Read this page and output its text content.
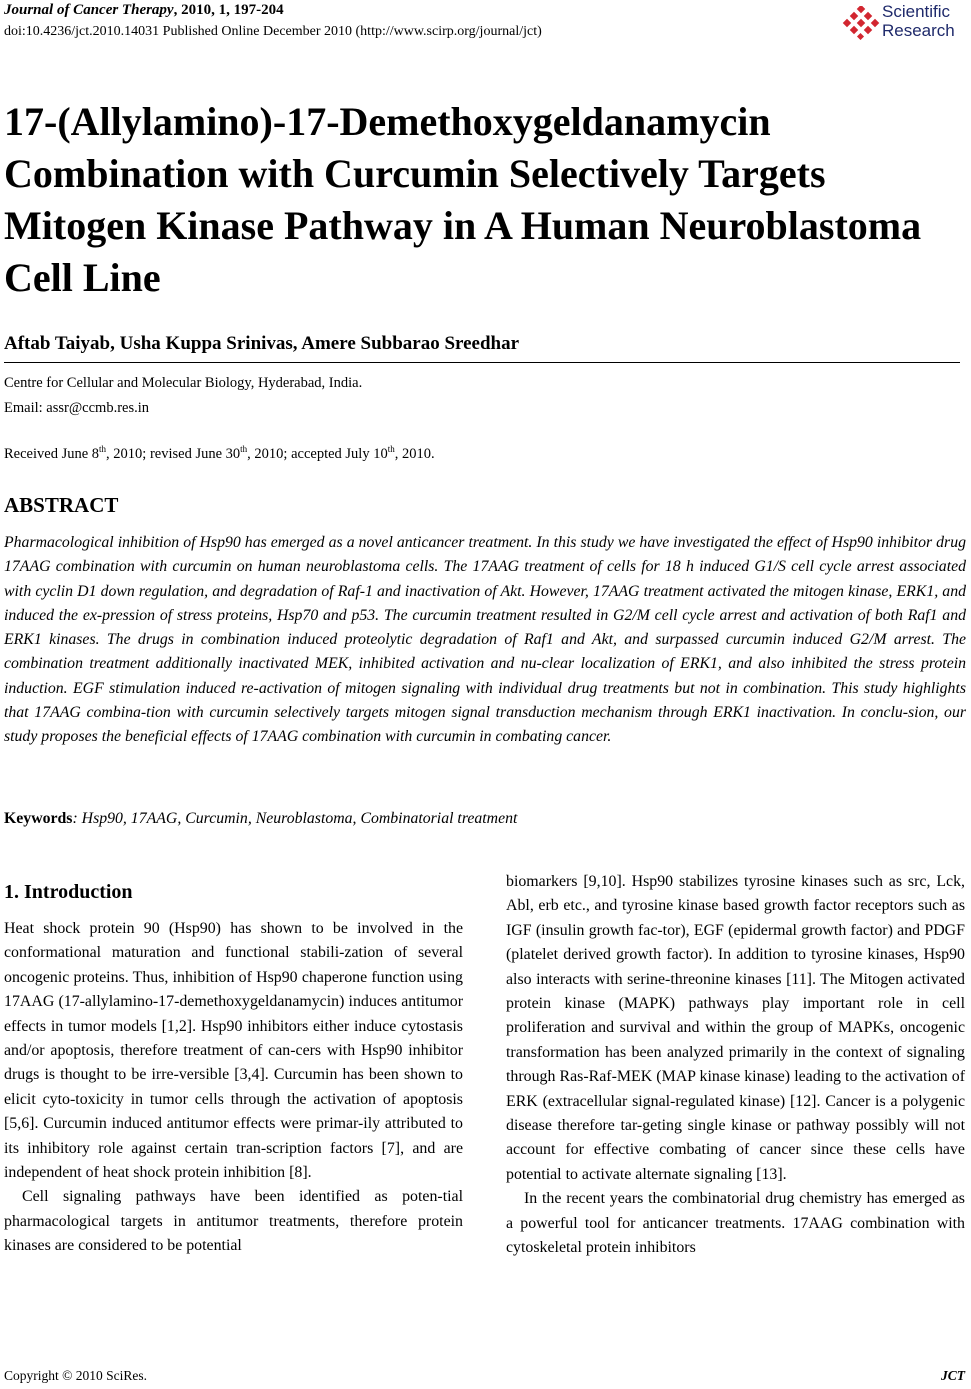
Journal of Cancer Therapy, 2010, 1, 197-204
doi:10.4236/jct.2010.14031 Published Online December 2010 (http://www.scirp.org/journal/jct)
Scientific
Research
17-(Allylamino)-17-Demethoxygeldanamycin Combination with Curcumin Selectively Targets Mitogen Kinase Pathway in A Human Neuroblastoma Cell Line
Aftab Taiyab, Usha Kuppa Srinivas, Amere Subbarao Sreedhar
Centre for Cellular and Molecular Biology, Hyderabad, India.
Email: assr@ccmb.res.in
Received June 8th, 2010; revised June 30th, 2010; accepted July 10th, 2010.
ABSTRACT

Pharmacological inhibition of Hsp90 has emerged as a novel anticancer treatment. In this study we have investigated the effect of Hsp90 inhibitor drug 17AAG combination with curcumin on human neuroblastoma cells. The 17AAG treatment of cells for 18 h induced G1/S cell cycle arrest associated with cyclin D1 down regulation, and degradation of Raf-1 and inactivation of Akt. However, 17AAG treatment activated the mitogen kinase, ERK1, and induced the ex-pression of stress proteins, Hsp70 and p53. The curcumin treatment resulted in G2/M cell cycle arrest and activation of both Raf1 and ERK1 kinases. The drugs in combination induced proteolytic degradation of Raf1 and Akt, and surpassed curcumin induced G2/M arrest. The combination treatment additionally inactivated MEK, inhibited activation and nu-clear localization of ERK1, and also inhibited the stress protein induction. EGF stimulation induced re-activation of mitogen signaling with individual drug treatments but not in combination. This study highlights that 17AAG combina-tion with curcumin selectively targets mitogen signal transduction mechanism through ERK1 inactivation. In conclu-sion, our study proposes the beneficial effects of 17AAG combination with curcumin in combating cancer.

Keywords: Hsp90, 17AAG, Curcumin, Neuroblastoma, Combinatorial treatment
1. Introduction

Heat shock protein 90 (Hsp90) has shown to be involved in the conformational maturation and functional stabili-zation of several oncogenic proteins. Thus, inhibition of Hsp90 chaperone function using 17AAG (17-allylamino-17-demethoxygeldanamycin) induces antitumor effects in tumor models [1,2]. Hsp90 inhibitors either induce cytostasis and/or apoptosis, therefore treatment of can-cers with Hsp90 inhibitor drugs is thought to be irre-versible [3,4]. Curcumin has been shown to elicit cyto-toxicity in tumor cells through the activation of apoptosis [5,6]. Curcumin induced antitumor effects were primar-ily attributed to its inhibitory role against certain tran-scription factors [7], and are independent of heat shock protein inhibition [8].

Cell signaling pathways have been identified as poten-tial pharmacological targets in antitumor treatments, therefore protein kinases are considered to be potential

biomarkers [9,10]. Hsp90 stabilizes tyrosine kinases such as src, Lck, Abl, erb etc., and tyrosine kinase based growth factor receptors such as IGF (insulin growth fac-tor), EGF (epidermal growth factor) and PDGF (platelet derived growth factor). In addition to tyrosine kinases, Hsp90 also interacts with serine-threonine kinases [11]. The Mitogen activated protein kinase (MAPK) pathways play important role in cell proliferation and survival and within the group of MAPKs, oncogenic transformation has been analyzed primarily in the context of signaling through Ras-Raf-MEK (MAP kinase kinase) leading to the activation of ERK (extracellular signal-regulated kinase) [12]. Cancer is a polygenic disease therefore tar-geting single kinase or pathway possibly will not account for effective combating of cancer since these cells have potential to activate alternate signaling [13].

In the recent years the combinatorial drug chemistry has emerged as a powerful tool for anticancer treatments. 17AAG combination with cytoskeletal protein inhibitors

Copyright © 2010 SciRes.	JCT
